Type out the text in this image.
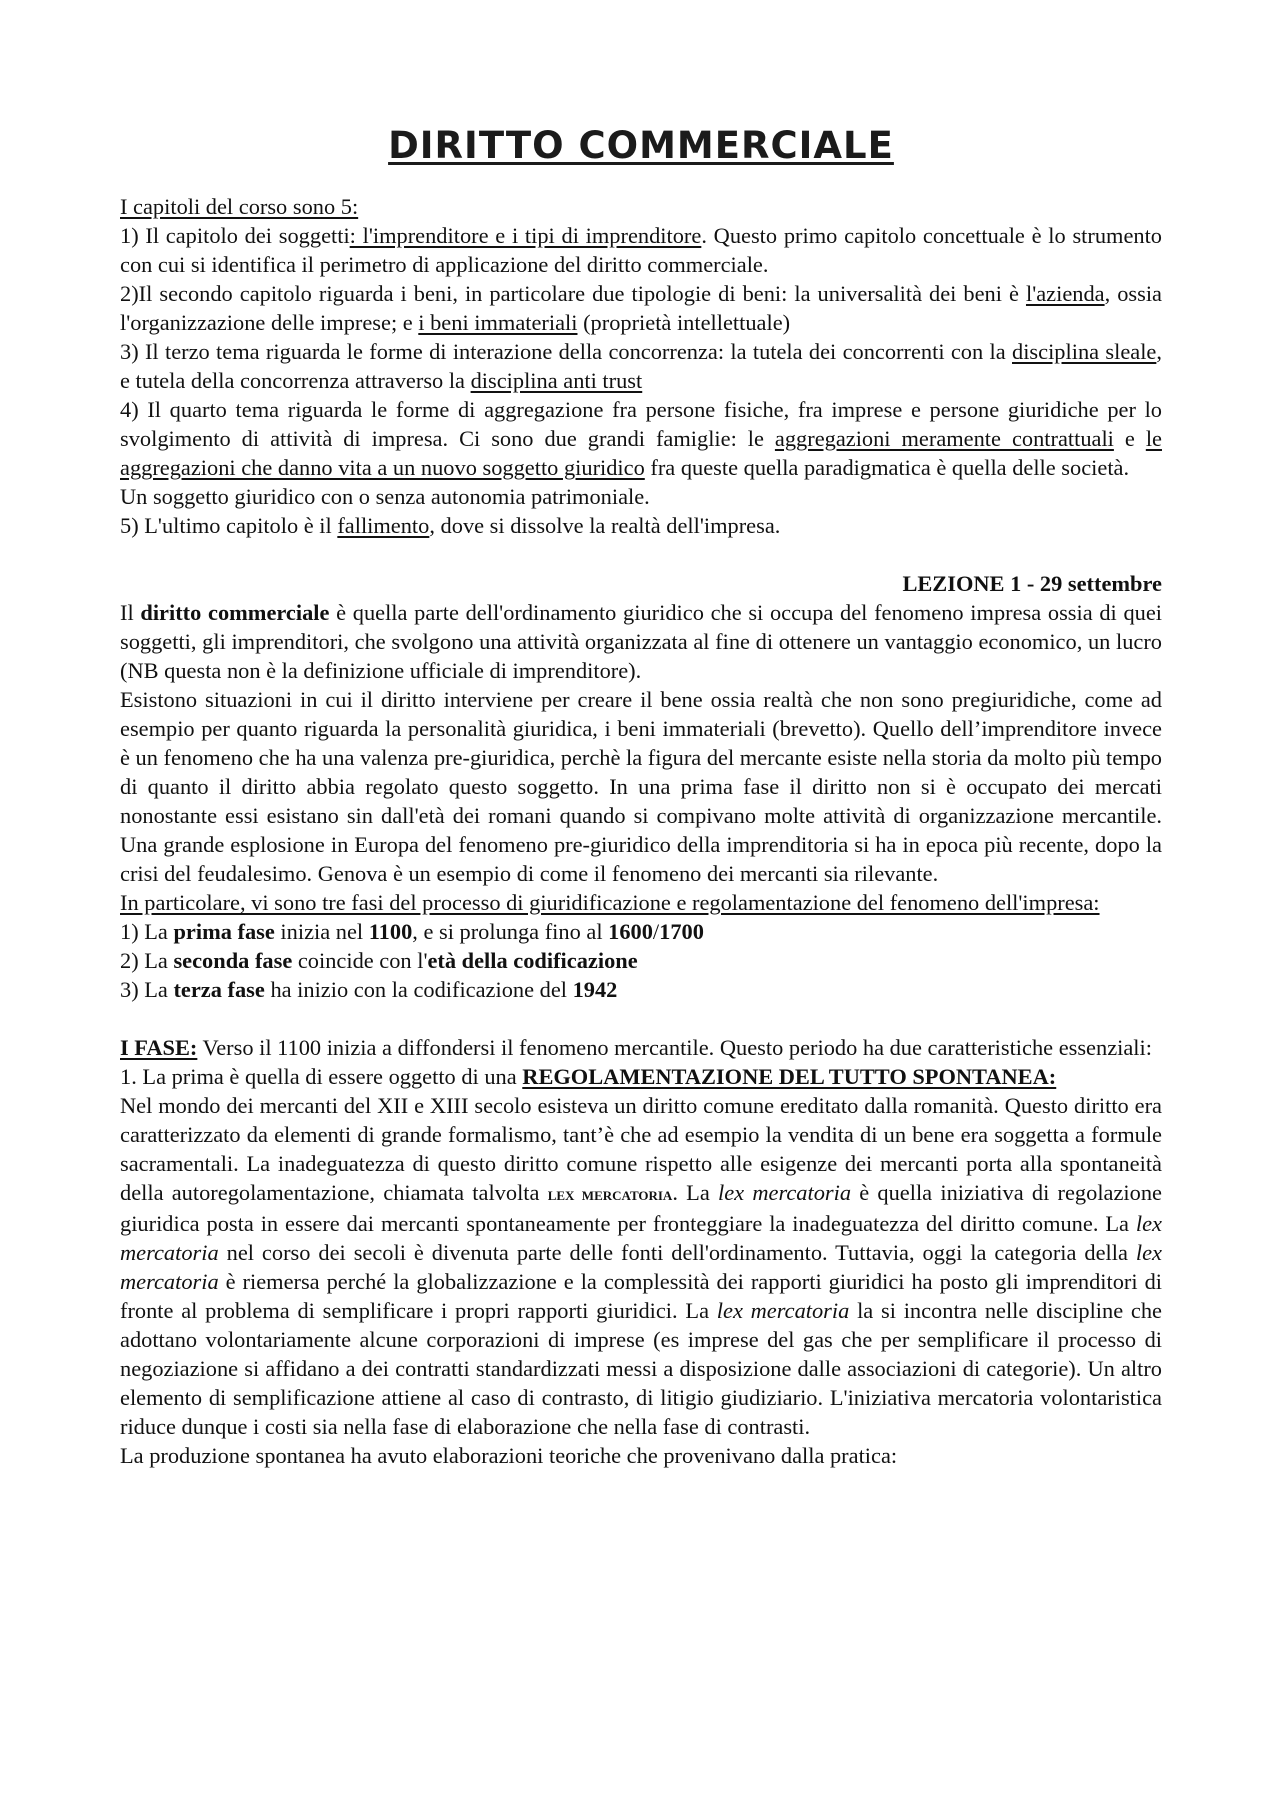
DIRITTO COMMERCIALE

I capitoli del corso sono 5:

1) Il capitolo dei soggetti: l'imprenditore e i tipi di imprenditore. Questo primo capitolo concettuale è lo strumento con cui si identifica il perimetro di applicazione del diritto commerciale.

2)Il secondo capitolo riguarda i beni, in particolare due tipologie di beni: la universalità dei beni è l'azienda, ossia l'organizzazione delle imprese; e i beni immateriali (proprietà intellettuale)

3) Il terzo tema riguarda le forme di interazione della concorrenza: la tutela dei concorrenti con la disciplina sleale, e tutela della concorrenza attraverso la disciplina anti trust

4) Il quarto tema riguarda le forme di aggregazione fra persone fisiche, fra imprese e persone giuridiche per lo svolgimento di attività di impresa. Ci sono due grandi famiglie: le aggregazioni meramente contrattuali e le aggregazioni che danno vita a un nuovo soggetto giuridico fra queste quella paradigmatica è quella delle società.

Un soggetto giuridico con o senza autonomia patrimoniale.

5) L'ultimo capitolo è il fallimento, dove si dissolve la realtà dell'impresa.

LEZIONE 1 - 29 settembre

Il diritto commerciale è quella parte dell'ordinamento giuridico che si occupa del fenomeno impresa ossia di quei soggetti, gli imprenditori, che svolgono una attività organizzata al fine di ottenere un vantaggio economico, un lucro (NB questa non è la definizione ufficiale di imprenditore).

Esistono situazioni in cui il diritto interviene per creare il bene ossia realtà che non sono pregiuridiche, come ad esempio per quanto riguarda la personalità giuridica, i beni immateriali (brevetto). Quello dell’imprenditore invece è un fenomeno che ha una valenza pre-giuridica, perchè la figura del mercante esiste nella storia da molto più tempo di quanto il diritto abbia regolato questo soggetto. In una prima fase il diritto non si è occupato dei mercati nonostante essi esistano sin dall'età dei romani quando si compivano molte attività di organizzazione mercantile. Una grande esplosione in Europa del fenomeno pre-giuridico della imprenditoria si ha in epoca più recente, dopo la crisi del feudalesimo. Genova è un esempio di come il fenomeno dei mercanti sia rilevante.

In particolare, vi sono tre fasi del processo di giuridificazione e regolamentazione del fenomeno dell'impresa:

1) La prima fase inizia nel 1100, e si prolunga fino al 1600/1700

2) La seconda fase coincide con l'età della codificazione

3) La terza fase ha inizio con la codificazione del 1942

I FASE: Verso il 1100 inizia a diffondersi il fenomeno mercantile. Questo periodo ha due caratteristiche essenziali:

1. La prima è quella di essere oggetto di una REGOLAMENTAZIONE DEL TUTTO SPONTANEA:

Nel mondo dei mercanti del XII e XIII secolo esisteva un diritto comune ereditato dalla romanità. Questo diritto era caratterizzato da elementi di grande formalismo, tant’è che ad esempio la vendita di un bene era soggetta a formule sacramentali. La inadeguatezza di questo diritto comune rispetto alle esigenze dei mercanti porta alla spontaneità della autoregolamentazione, chiamata talvolta lex mercatoria. La lex mercatoria è quella iniziativa di regolazione giuridica posta in essere dai mercanti spontaneamente per fronteggiare la inadeguatezza del diritto comune. La lex mercatoria nel corso dei secoli è divenuta parte delle fonti dell'ordinamento. Tuttavia, oggi la categoria della lex mercatoria è riemersa perché la globalizzazione e la complessità dei rapporti giuridici ha posto gli imprenditori di fronte al problema di semplificare i propri rapporti giuridici. La lex mercatoria la si incontra nelle discipline che adottano volontariamente alcune corporazioni di imprese (es imprese del gas che per semplificare il processo di negoziazione si affidano a dei contratti standardizzati messi a disposizione dalle associazioni di categorie). Un altro elemento di semplificazione attiene al caso di contrasto, di litigio giudiziario. L'iniziativa mercatoria volontaristica riduce dunque i costi sia nella fase di elaborazione che nella fase di contrasti.

La produzione spontanea ha avuto elaborazioni teoriche che provenivano dalla pratica:
